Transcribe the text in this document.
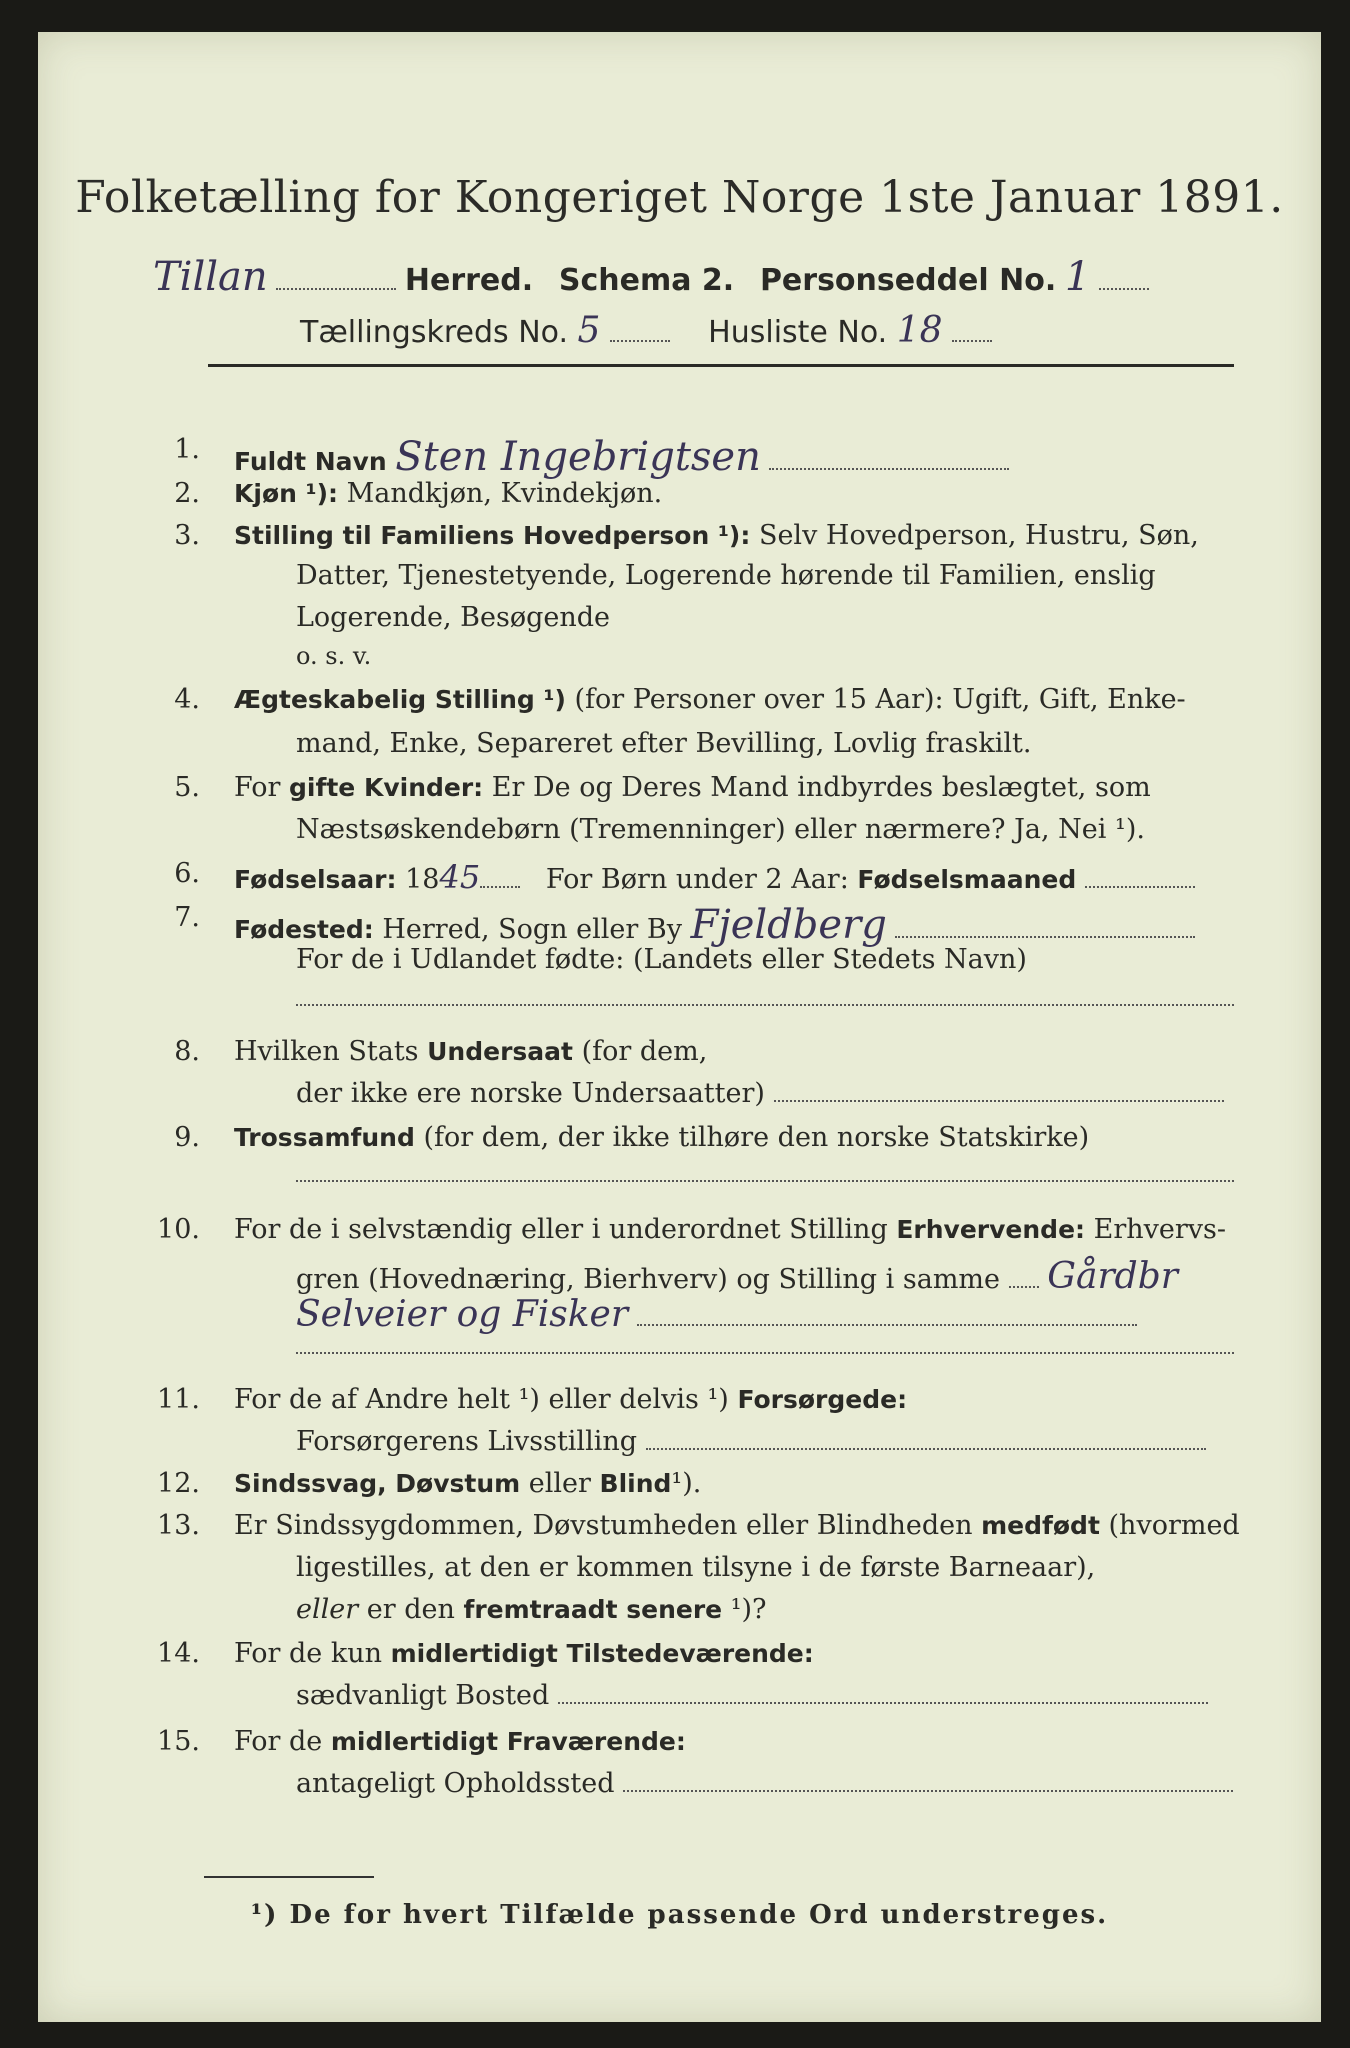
Folketælling for Kongeriget Norge 1ste Januar 1891.
Tillan	Herred. Schema 2. Personseddel No. 1
Tællingskreds No. 5	Husliste No. 18
1. Fuldt Navn Sten Ingebrigtsen
2. Kjøn ¹): Mandkjøn, Kvindekjøn.
3. Stilling til Familiens Hovedperson ¹): Selv Hovedperson, Hustru, Søn,
Datter, Tjenestetyende, Logerende hørende til Familien, enslig
Logerende, Besøgende
o. s. v.
4. Ægteskabelig Stilling ¹) (for Personer over 15 Aar): Ugift, Gift, Enke-
mand, Enke, Separeret efter Bevilling, Lovlig fraskilt.
5. For gifte Kvinder: Er De og Deres Mand indbyrdes beslægtet, som
Næstsøskendebørn (Tremenninger) eller nærmere? Ja, Nei ¹).
6. Fødselsaar: 1845 For Børn under 2 Aar: Fødselsmaaned
7. Fødested: Herred, Sogn eller By Fjeldberg
For de i Udlandet fødte: (Landets eller Stedets Navn)
8. Hvilken Stats Undersaat (for dem,
der ikke ere norske Undersaatter)
9. Trossamfund (for dem, der ikke tilhøre den norske Statskirke)
10. For de i selvstændig eller i underordnet Stilling Erhvervende: Erhvervs-
gren (Hovednæring, Bierhverv) og Stilling i samme Gårdbr
Selveier og Fisker
11. For de af Andre helt ¹) eller delvis ¹) Forsørgede:
Forsørgerens Livsstilling
12. Sindssvag, Døvstum eller Blind¹).
13. Er Sindssygdommen, Døvstumheden eller Blindheden medfødt (hvormed
ligestilles, at den er kommen tilsyne i de første Barneaar),
eller er den fremtraadt senere ¹)?
14. For de kun midlertidigt Tilstedeværende:
sædvanligt Bosted
15. For de midlertidigt Fraværende:
antageligt Opholdssted
¹) De for hvert Tilfælde passende Ord understreges.
